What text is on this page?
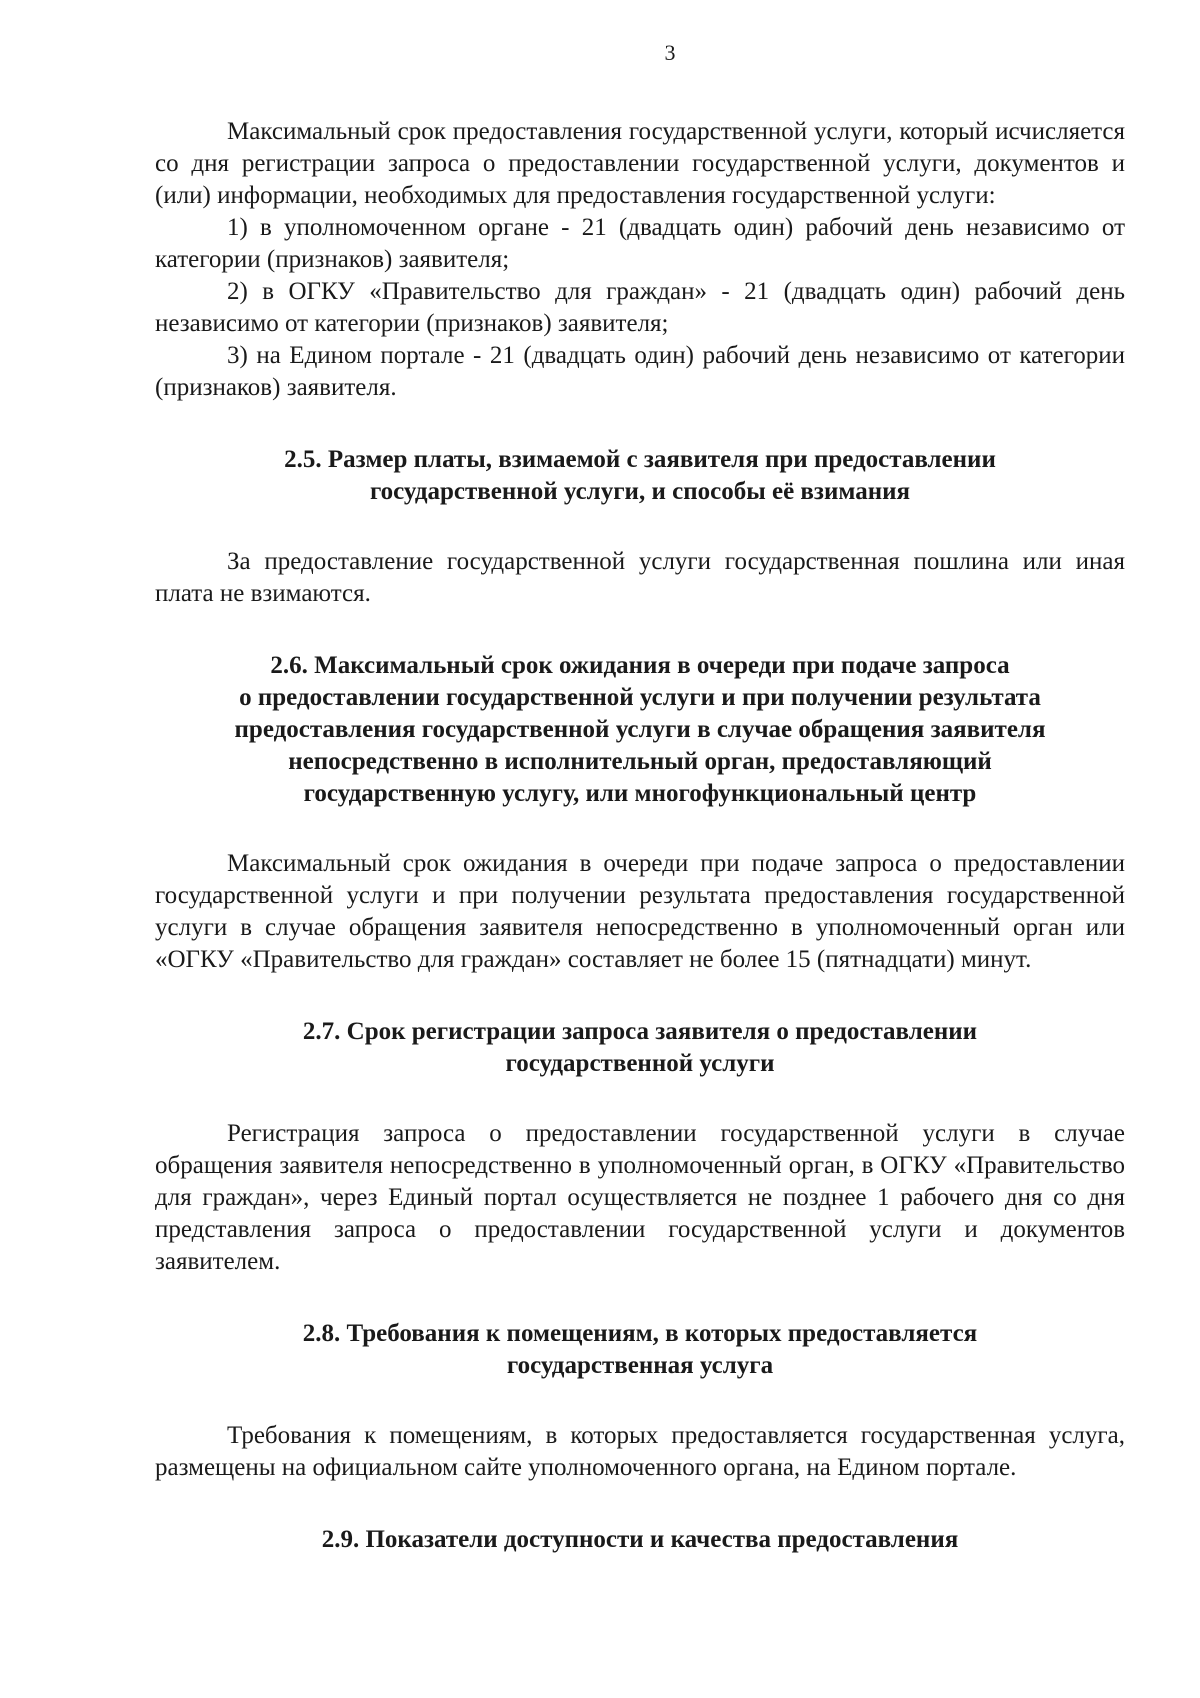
3

Максимальный срок предоставления государственной услуги, который исчисляется со дня регистрации запроса о предоставлении государственной услуги, документов и (или) информации, необходимых для предоставления государственной услуги:

1) в уполномоченном органе - 21 (двадцать один) рабочий день независимо от категории (признаков) заявителя;

2) в ОГКУ «Правительство для граждан» - 21 (двадцать один) рабочий день независимо от категории (признаков) заявителя;

3) на Едином портале - 21 (двадцать один) рабочий день независимо от категории (признаков) заявителя.

2.5. Размер платы, взимаемой с заявителя при предоставлении
государственной услуги, и способы её взимания

За предоставление государственной услуги государственная пошлина или иная плата не взимаются.

2.6. Максимальный срок ожидания в очереди при подаче запроса
о предоставлении государственной услуги и при получении результата
предоставления государственной услуги в случае обращения заявителя
непосредственно в исполнительный орган, предоставляющий
государственную услугу, или многофункциональный центр

Максимальный срок ожидания в очереди при подаче запроса о предоставлении государственной услуги и при получении результата предоставления государственной услуги в случае обращения заявителя непосредственно в уполномоченный орган или «ОГКУ «Правительство для граждан» составляет не более 15 (пятнадцати) минут.

2.7. Срок регистрации запроса заявителя о предоставлении
государственной услуги

Регистрация запроса о предоставлении государственной услуги в случае обращения заявителя непосредственно в уполномоченный орган, в ОГКУ «Правительство для граждан», через Единый портал осуществляется не позднее 1 рабочего дня со дня представления запроса о предоставлении государственной услуги и документов заявителем.

2.8. Требования к помещениям, в которых предоставляется
государственная услуга

Требования к помещениям, в которых предоставляется государственная услуга, размещены на официальном сайте уполномоченного органа, на Едином портале.

2.9. Показатели доступности и качества предоставления
